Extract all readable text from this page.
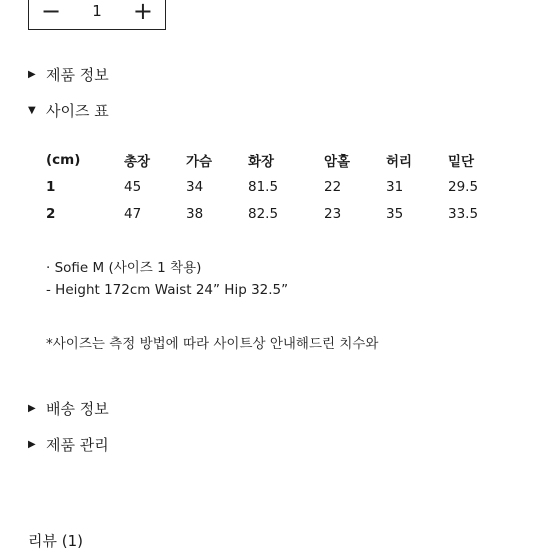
− 1 +
▶ 제품 정보
▼ 사이즈 표
(cm)	총장	가슴	화장	암홀	허리	밑단
1	45	34	81.5	22	31	29.5
2	47	38	82.5	23	35	33.5
· Sofie M (사이즈 1 착용)
- Height 172cm Waist 24” Hip 32.5”
*사이즈는 측정 방법에 따라 사이트상 안내해드린 치수와
▶ 배송 정보
▶ 제품 관리
리뷰 (1)
